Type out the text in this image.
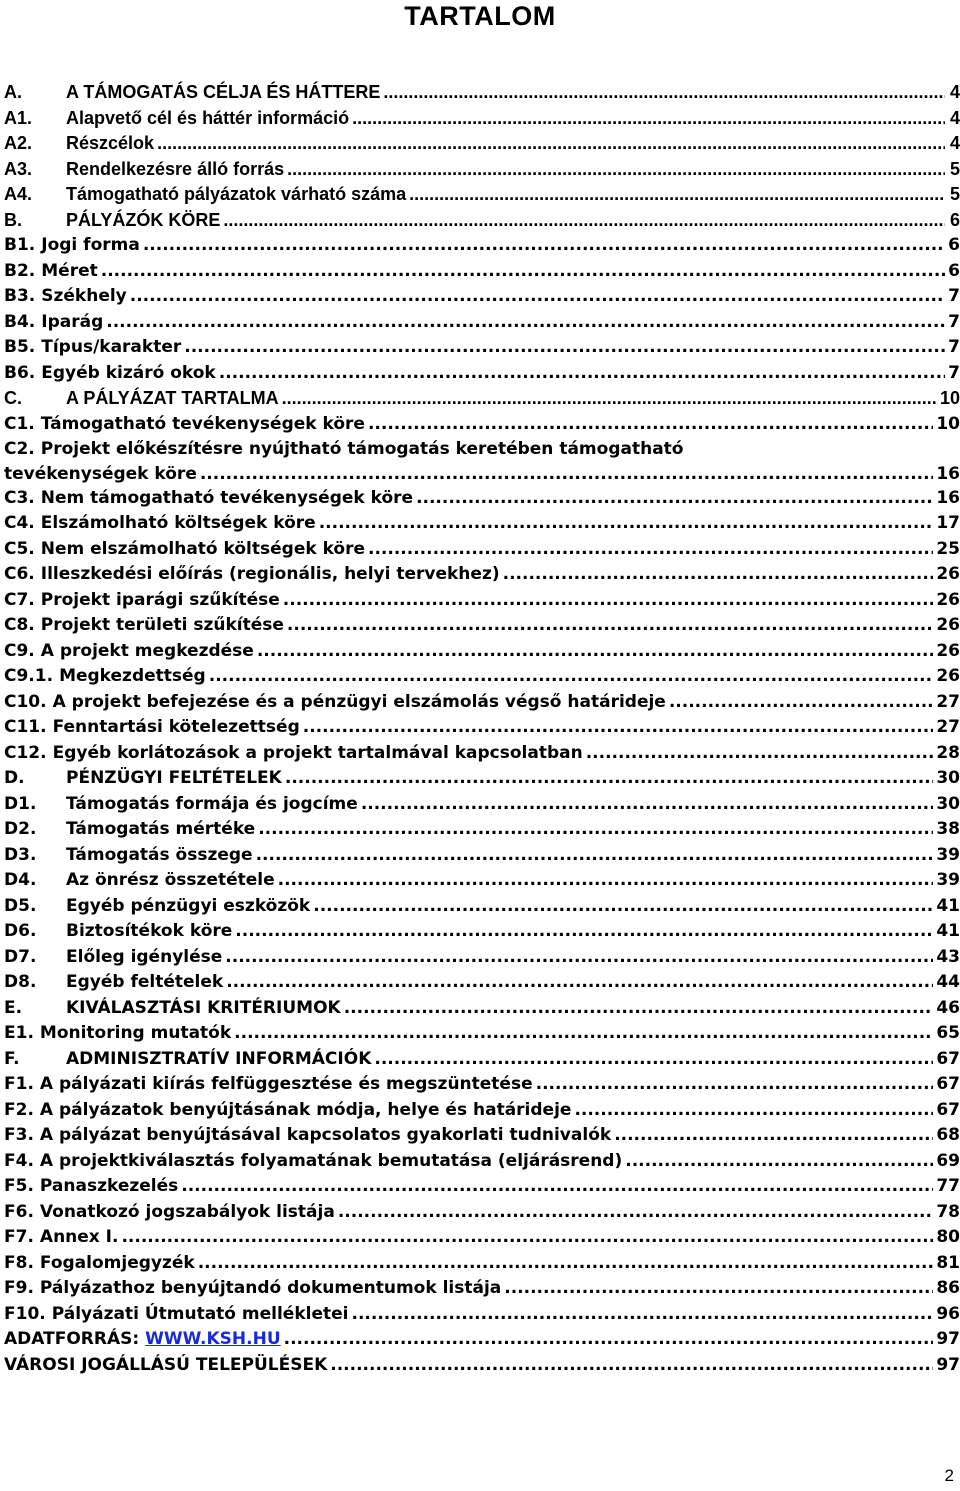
TARTALOM
A.	A TÁMOGATÁS CÉLJA ÉS HÁTTERE .....	4
A1.	Alapvető cél és háttér információ .....	4
A2.	Részcélok .....	4
A3.	Rendelkezésre álló forrás .....	5
A4.	Támogatható pályázatok várható száma .....	5
B.	PÁLYÁZÓK KÖRE .....	6
B1. Jogi forma .....	6
B2. Méret .....	6
B3. Székhely .....	7
B4. Iparág .....	7
B5. Típus/karakter .....	7
B6. Egyéb kizáró okok .....	7
C.	A PÁLYÁZAT TARTALMA .....	10
C1. Támogatható tevékenységek köre .....	10
C2. Projekt előkészítésre nyújtható támogatás keretében támogatható
tevékenységek köre .....	16
C3. Nem támogatható tevékenységek köre .....	16
C4. Elszámolható költségek köre .....	17
C5. Nem elszámolható költségek köre .....	25
C6. Illeszkedési előírás (regionális, helyi tervekhez) .....	26
C7. Projekt iparági szűkítése .....	26
C8. Projekt területi szűkítése .....	26
C9. A projekt megkezdése .....	26
C9.1. Megkezdettség .....	26
C10. A projekt befejezése és a pénzügyi elszámolás végső határideje .....	27
C11. Fenntartási kötelezettség .....	27
C12. Egyéb korlátozások a projekt tartalmával kapcsolatban .....	28
D.	PÉNZÜGYI FELTÉTELEK .....	30
D1.	Támogatás formája és jogcíme .....	30
D2.	Támogatás mértéke .....	38
D3.	Támogatás összege .....	39
D4.	Az önrész összetétele .....	39
D5.	Egyéb pénzügyi eszközök .....	41
D6.	Biztosítékok köre .....	41
D7.	Előleg igénylése .....	43
D8.	Egyéb feltételek .....	44
E.	KIVÁLASZTÁSI KRITÉRIUMOK .....	46
E1. Monitoring mutatók .....	65
F.	ADMINISZTRATÍV INFORMÁCIÓK .....	67
F1. A pályázati kiírás felfüggesztése és megszüntetése .....	67
F2. A pályázatok benyújtásának módja, helye és határideje .....	67
F3. A pályázat benyújtásával kapcsolatos gyakorlati tudnivalók .....	68
F4. A projektkiválasztás folyamatának bemutatása (eljárásrend) .....	69
F5. Panaszkezelés .....	77
F6. Vonatkozó jogszabályok listája .....	78
F7. Annex I. .....	80
F8. Fogalomjegyzék .....	81
F9. Pályázathoz benyújtandó dokumentumok listája .....	86
F10. Pályázati Útmutató mellékletei .....	96
ADATFORRÁS: WWW.KSH.HU .....	97
VÁROSI JOGÁLLÁSÚ TELEPÜLÉSEK .....	97
2
